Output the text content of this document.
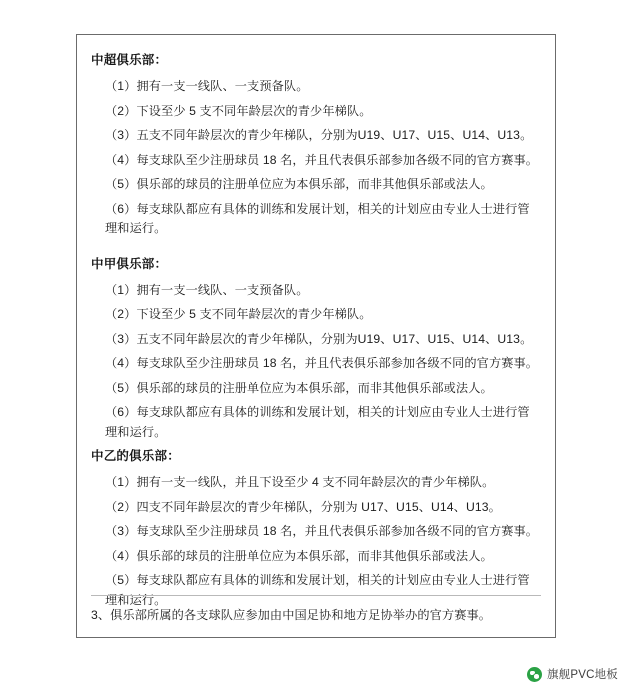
中超俱乐部：

（1）拥有一支一线队、一支预备队。

（2）下设至少 5 支不同年龄层次的青少年梯队。

（3）五支不同年龄层次的青少年梯队，分别为U19、U17、U15、U14、U13。

（4）每支球队至少注册球员 18 名，并且代表俱乐部参加各级不同的官方赛事。

（5）俱乐部的球员的注册单位应为本俱乐部，而非其他俱乐部或法人。

（6）每支球队都应有具体的训练和发展计划，相关的计划应由专业人士进行管理和运行。

中甲俱乐部：

（1）拥有一支一线队、一支预备队。

（2）下设至少 5 支不同年龄层次的青少年梯队。

（3）五支不同年龄层次的青少年梯队，分别为U19、U17、U15、U14、U13。

（4）每支球队至少注册球员 18 名，并且代表俱乐部参加各级不同的官方赛事。

（5）俱乐部的球员的注册单位应为本俱乐部，而非其他俱乐部或法人。

（6）每支球队都应有具体的训练和发展计划，相关的计划应由专业人士进行管理和运行。

中乙的俱乐部：

（1）拥有一支一线队，并且下设至少 4 支不同年龄层次的青少年梯队。

（2）四支不同年龄层次的青少年梯队，分别为 U17、U15、U14、U13。

（3）每支球队至少注册球员 18 名，并且代表俱乐部参加各级不同的官方赛事。

（4）俱乐部的球员的注册单位应为本俱乐部，而非其他俱乐部或法人。

（5）每支球队都应有具体的训练和发展计划，相关的计划应由专业人士进行管理和运行。

3、俱乐部所属的各支球队应参加由中国足协和地方足协举办的官方赛事。

旗舰PVC地板
